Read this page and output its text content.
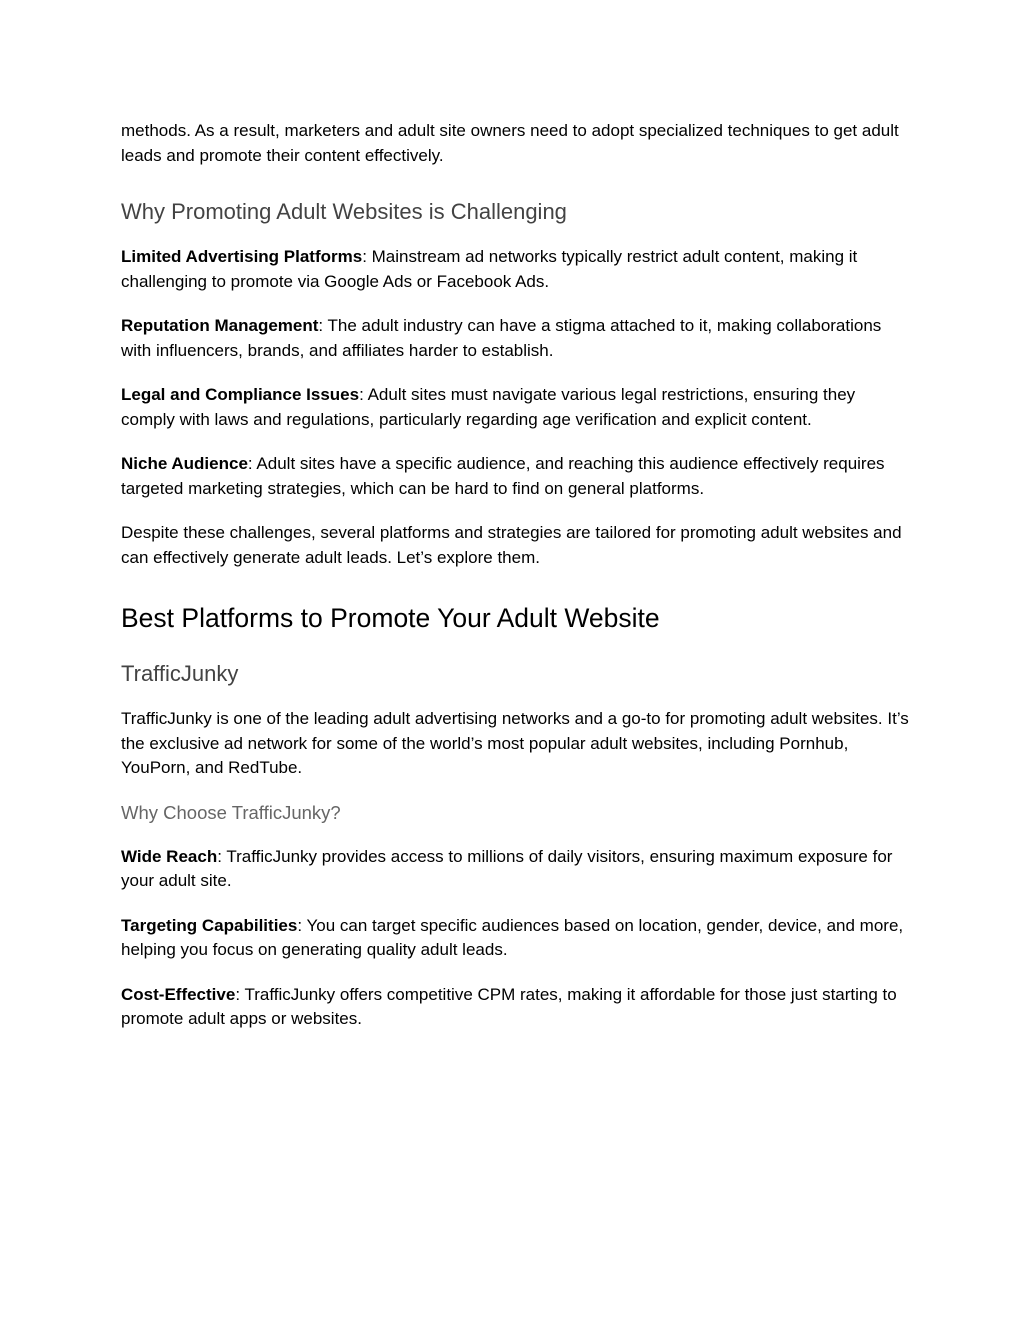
methods. As a result, marketers and adult site owners need to adopt specialized techniques to get adult leads and promote their content effectively.

Why Promoting Adult Websites is Challenging

Limited Advertising Platforms: Mainstream ad networks typically restrict adult content, making it challenging to promote via Google Ads or Facebook Ads.

Reputation Management: The adult industry can have a stigma attached to it, making collaborations with influencers, brands, and affiliates harder to establish.

Legal and Compliance Issues: Adult sites must navigate various legal restrictions, ensuring they comply with laws and regulations, particularly regarding age verification and explicit content.

Niche Audience: Adult sites have a specific audience, and reaching this audience effectively requires targeted marketing strategies, which can be hard to find on general platforms.

Despite these challenges, several platforms and strategies are tailored for promoting adult websites and can effectively generate adult leads. Let’s explore them.

Best Platforms to Promote Your Adult Website
TrafficJunky

TrafficJunky is one of the leading adult advertising networks and a go-to for promoting adult websites. It’s the exclusive ad network for some of the world’s most popular adult websites, including Pornhub, YouPorn, and RedTube.

Why Choose TrafficJunky?

Wide Reach: TrafficJunky provides access to millions of daily visitors, ensuring maximum exposure for your adult site.

Targeting Capabilities: You can target specific audiences based on location, gender, device, and more, helping you focus on generating quality adult leads.

Cost-Effective: TrafficJunky offers competitive CPM rates, making it affordable for those just starting to promote adult apps or websites.
